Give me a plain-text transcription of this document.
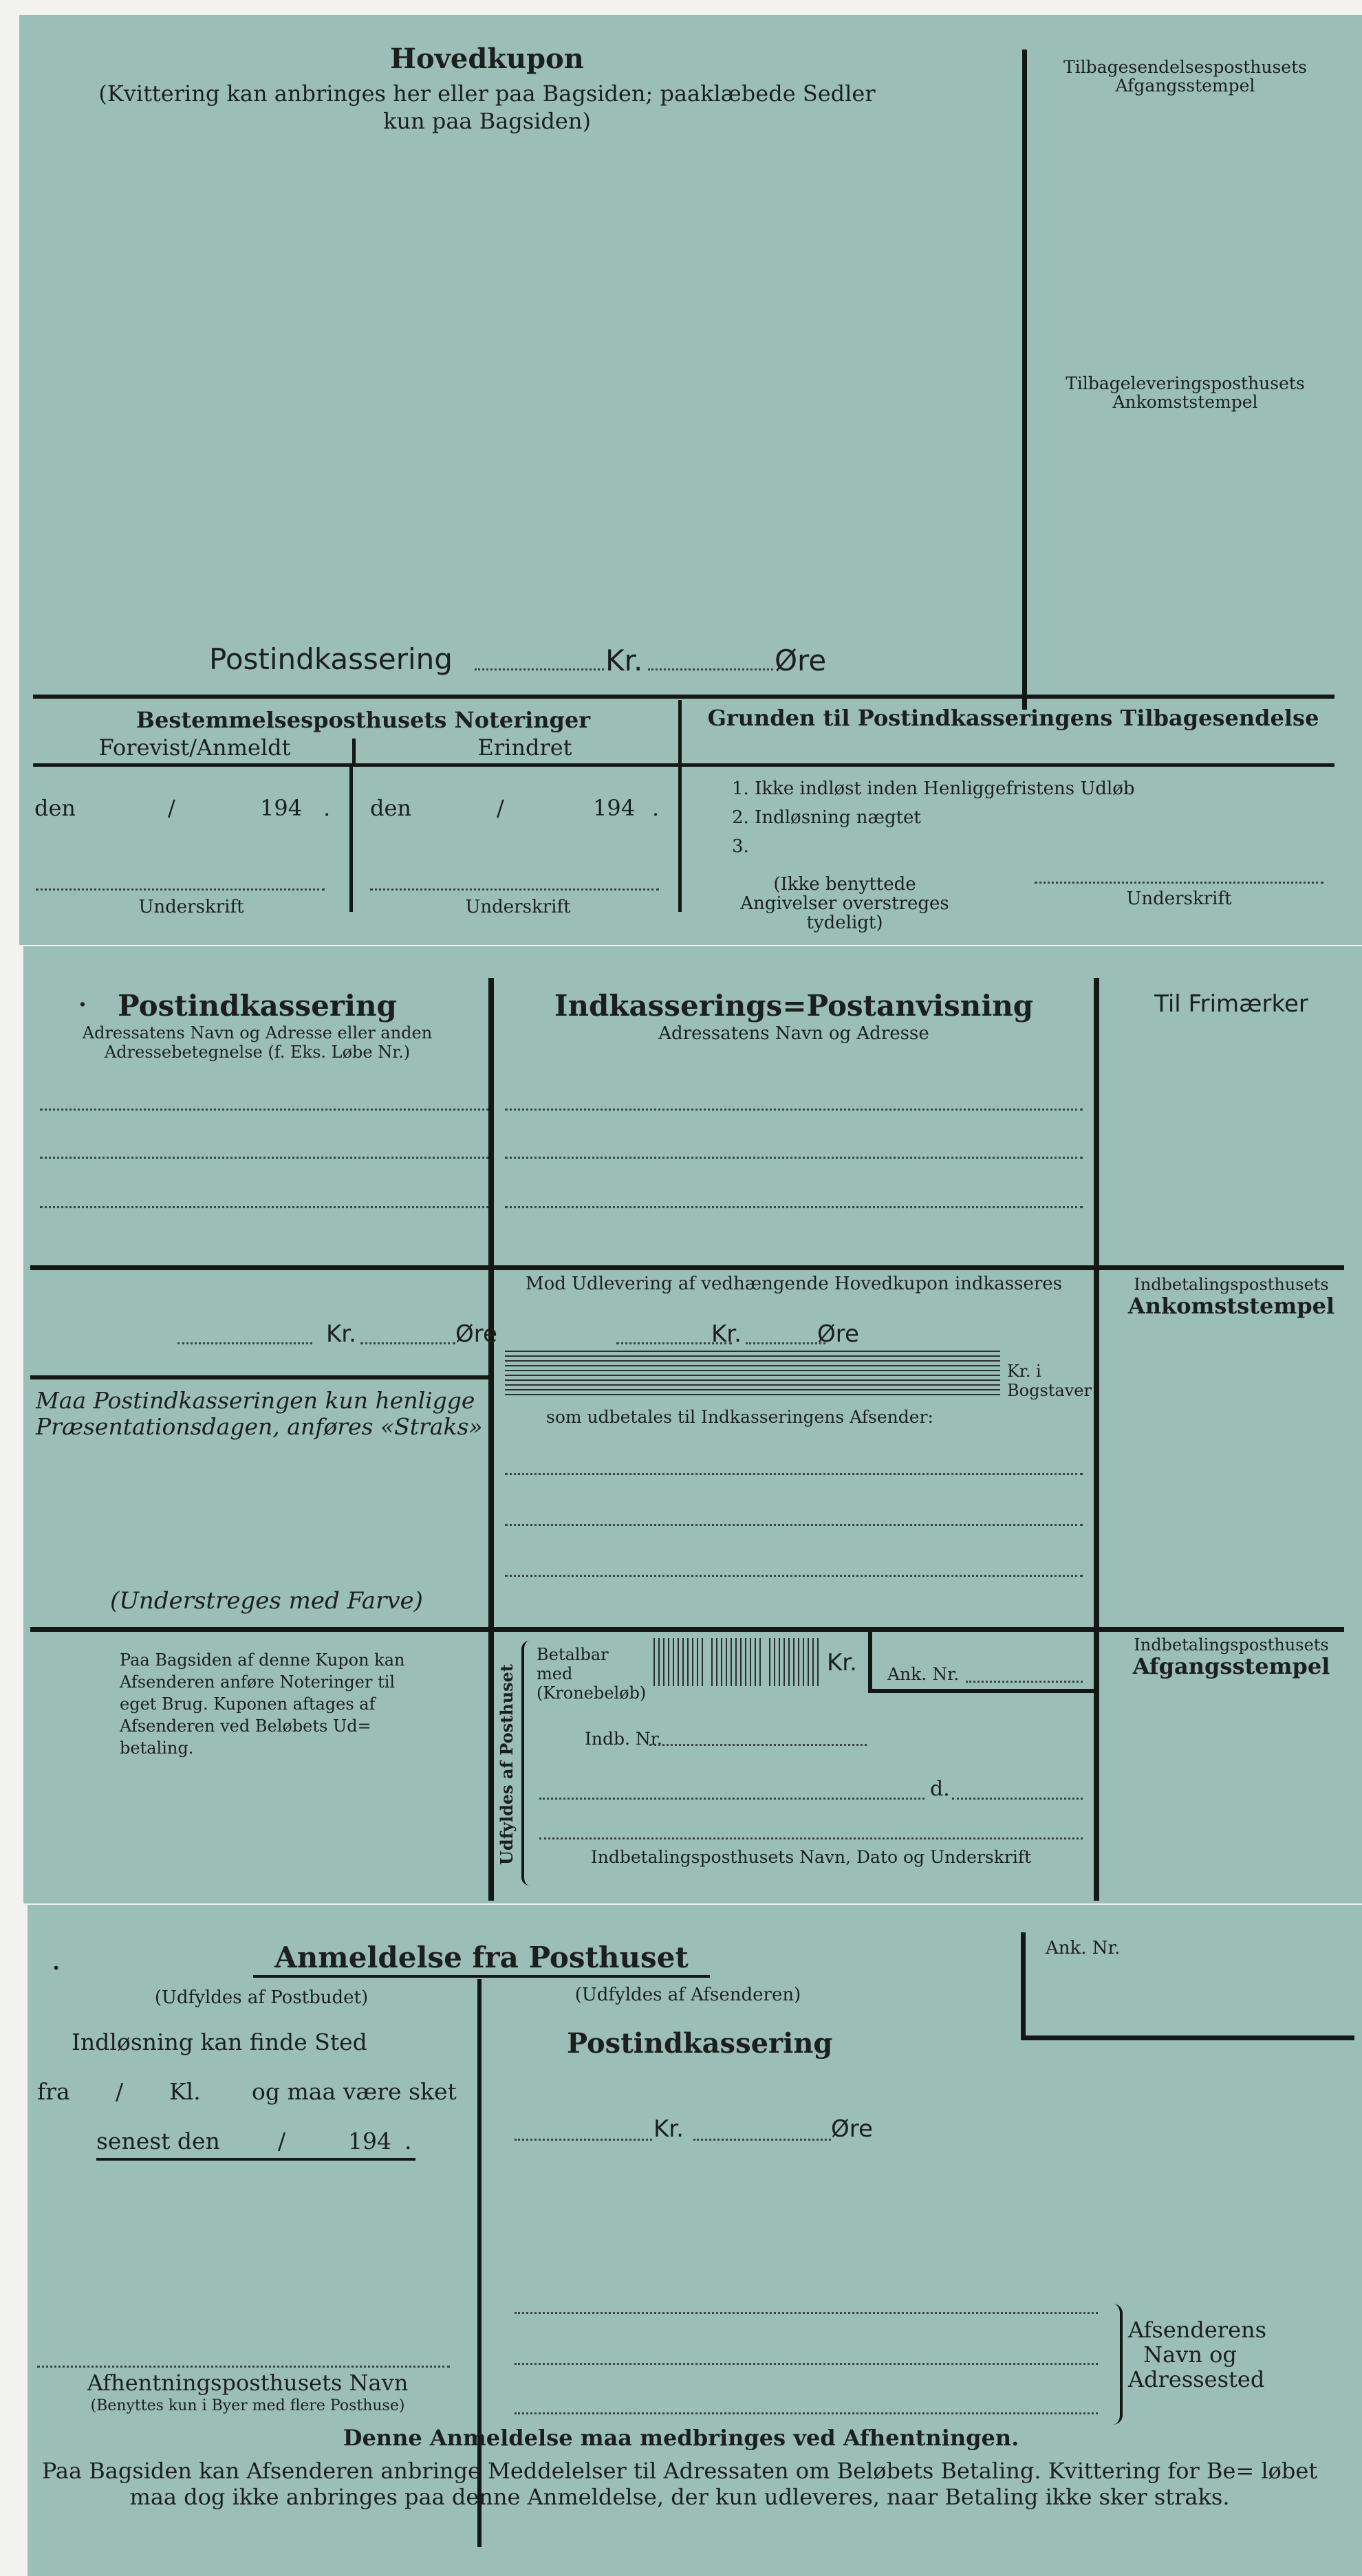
Hovedkupon
(Kvittering kan anbringes her eller paa Bagsiden; paaklæbede Sedler kun paa Bagsiden)
Tilbagesendelsesposthusets Afgangsstempel
Tilbageleveringsposthusets Ankomststempel
Postindkassering	Kr.	Øre
Bestemmelsesposthusets Noteringer
Forevist/Anmeldt	Erindret
Grunden til Postindkasseringens Tilbagesendelse
den	/	194 .
Underskrift
den	/	194 .
Underskrift
1. Ikke indløst inden Henliggefristens Udløb
2. Indløsning nægtet
3.
(Ikke benyttede Angivelser overstreges tydeligt)
Underskrift
.	Postindkassering
Adressatens Navn og Adresse eller anden Adressebetegnelse (f. Eks. Løbe Nr.)
Indkasserings=Postanvisning
Adressatens Navn og Adresse
Til Frimærker
Kr.	Øre
Maa Postindkasseringen kun henligge Præsentationsdagen, anføres «Straks»
(Understreges med Farve)
Mod Udlevering af vedhængende Hovedkupon indkasseres
Kr.	Øre
Kr. i Bogstaver
som udbetales til Indkasseringens Afsender:
Indbetalingsposthusets
Ankomststempel
Paa Bagsiden af denne Kupon kan Afsenderen anføre Noteringer til eget Brug. Kuponen aftages af Afsenderen ved Beløbets Ud= betaling.	Udfyldes af Posthuset
Betalbar med (Kronebeløb)
Kr. Ank. Nr.
Indb. Nr.
d.
Indbetalingsposthusets Navn, Dato og Underskrift
Indbetalingsposthusets
Afgangsstempel
.	Anmeldelse fra Posthuset
(Udfyldes af Postbudet)	(Udfyldes af Afsenderen)
Indløsning kan finde Sted
fra / Kl. og maa være sket
senest den	/	194 .
Afhentningsposthusets Navn
(Benyttes kun i Byer med flere Posthuse)
Ank. Nr.
Postindkassering
Kr.	Øre
Afsenderens Navn og Adressested
Denne Anmeldelse maa medbringes ved Afhentningen.
Paa Bagsiden kan Afsenderen anbringe Meddelelser til Adressaten om Beløbets Betaling. Kvittering for Be= løbet maa dog ikke anbringes paa denne Anmeldelse, der kun udleveres, naar Betaling ikke sker straks.
